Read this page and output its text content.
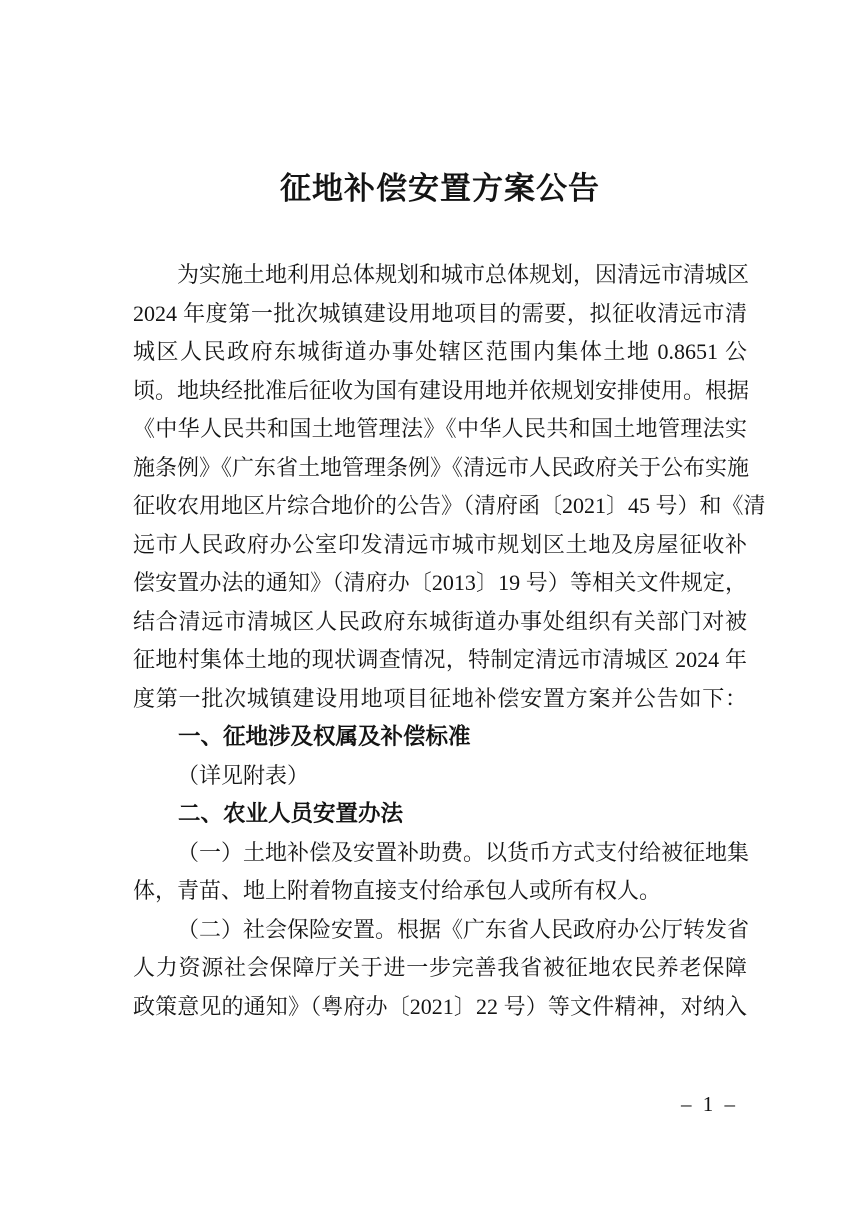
征地补偿安置方案公告
为实施土地利用总体规划和城市总体规划，因清远市清城区
2024 年度第一批次城镇建设用地项目的需要，拟征收清远市清
城区人民政府东城街道办事处辖区范围内集体土地 0.8651 公
顷。地块经批准后征收为国有建设用地并依规划安排使用。根据
《中华人民共和国土地管理法》《中华人民共和国土地管理法实
施条例》《广东省土地管理条例》《清远市人民政府关于公布实施
征收农用地区片综合地价的公告》（清府函〔2021〕45 号）和《清
远市人民政府办公室印发清远市城市规划区土地及房屋征收补
偿安置办法的通知》（清府办〔2013〕19 号）等相关文件规定，
结合清远市清城区人民政府东城街道办事处组织有关部门对被
征地村集体土地的现状调查情况，特制定清远市清城区 2024 年
度第一批次城镇建设用地项目征地补偿安置方案并公告如下：
一、征地涉及权属及补偿标准
（详见附表）
二、农业人员安置办法
（一）土地补偿及安置补助费。以货币方式支付给被征地集
体，青苗、地上附着物直接支付给承包人或所有权人。
（二）社会保险安置。根据《广东省人民政府办公厅转发省
人力资源社会保障厅关于进一步完善我省被征地农民养老保障
政策意见的通知》（粤府办〔2021〕22 号）等文件精神，对纳入
– 1 –
